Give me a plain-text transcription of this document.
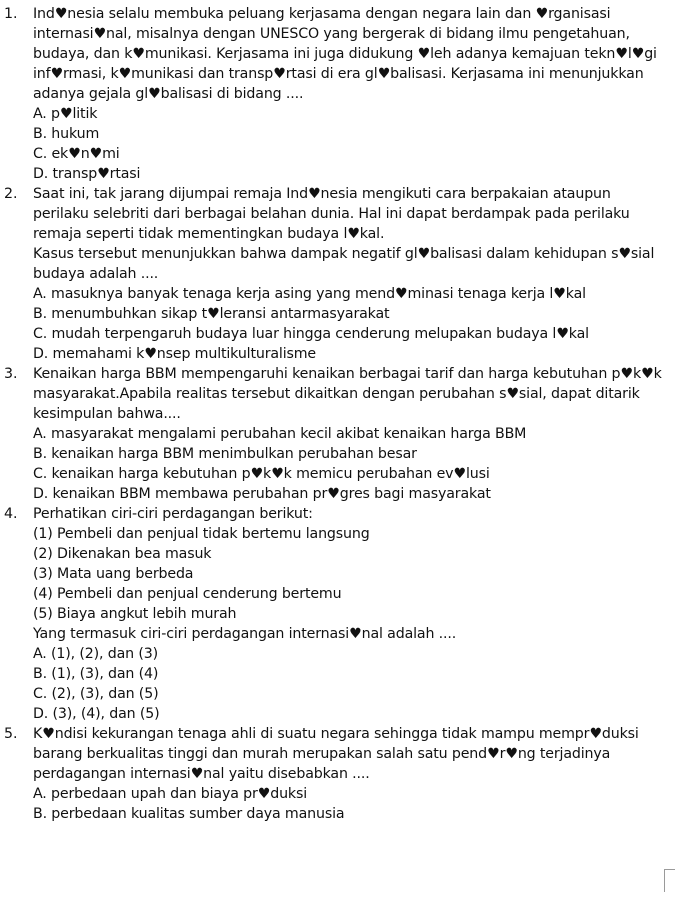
1. Ind♥nesia selalu membuka peluang kerjasama dengan negara lain dan ♥rganisasi
internasi♥nal, misalnya dengan UNESCO yang bergerak di bidang ilmu pengetahuan,
budaya, dan k♥munikasi. Kerjasama ini juga didukung ♥leh adanya kemajuan tekn♥l♥gi
inf♥rmasi, k♥munikasi dan transp♥rtasi di era gl♥balisasi. Kerjasama ini menunjukkan
adanya gejala gl♥balisasi di bidang ....
A. p♥litik
B. hukum
C. ek♥n♥mi
D. transp♥rtasi
2. Saat ini, tak jarang dijumpai remaja Ind♥nesia mengikuti cara berpakaian ataupun
perilaku selebriti dari berbagai belahan dunia. Hal ini dapat berdampak pada perilaku
remaja seperti tidak mementingkan budaya l♥kal.
Kasus tersebut menunjukkan bahwa dampak negatif gl♥balisasi dalam kehidupan s♥sial
budaya adalah ....
A. masuknya banyak tenaga kerja asing yang mend♥minasi tenaga kerja l♥kal
B. menumbuhkan sikap t♥leransi antarmasyarakat
C. mudah terpengaruh budaya luar hingga cenderung melupakan budaya l♥kal
D. memahami k♥nsep multikulturalisme
3. Kenaikan harga BBM mempengaruhi kenaikan berbagai tarif dan harga kebutuhan p♥k♥k
masyarakat.Apabila realitas tersebut dikaitkan dengan perubahan s♥sial, dapat ditarik
kesimpulan bahwa....
A. masyarakat mengalami perubahan kecil akibat kenaikan harga BBM
B. kenaikan harga BBM menimbulkan perubahan besar
C. kenaikan harga kebutuhan p♥k♥k memicu perubahan ev♥lusi
D. kenaikan BBM membawa perubahan pr♥gres bagi masyarakat
4. Perhatikan ciri-ciri perdagangan berikut:
(1) Pembeli dan penjual tidak bertemu langsung
(2) Dikenakan bea masuk
(3) Mata uang berbeda
(4) Pembeli dan penjual cenderung bertemu
(5) Biaya angkut lebih murah
Yang termasuk ciri-ciri perdagangan internasi♥nal adalah ....
A. (1), (2), dan (3)
B. (1), (3), dan (4)
C. (2), (3), dan (5)
D. (3), (4), dan (5)
5. K♥ndisi kekurangan tenaga ahli di suatu negara sehingga tidak mampu mempr♥duksi
barang berkualitas tinggi dan murah merupakan salah satu pend♥r♥ng terjadinya
perdagangan internasi♥nal yaitu disebabkan ....
A. perbedaan upah dan biaya pr♥duksi
B. perbedaan kualitas sumber daya manusia
